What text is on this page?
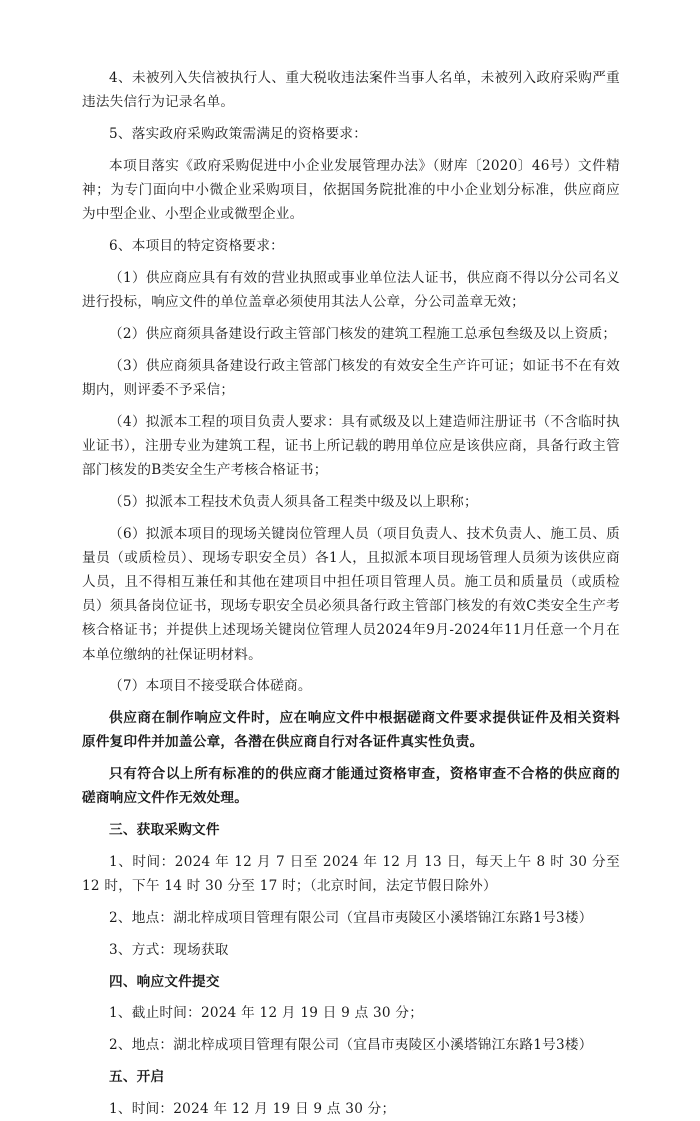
4、未被列入失信被执行人、重大税收违法案件当事人名单，未被列入政府采购严重违法失信行为记录名单。

5、落实政府采购政策需满足的资格要求：

本项目落实《政府采购促进中小企业发展管理办法》（财库〔2020〕46号）文件精神；为专门面向中小微企业采购项目，依据国务院批准的中小企业划分标准，供应商应为中型企业、小型企业或微型企业。

6、本项目的特定资格要求：

（1）供应商应具有有效的营业执照或事业单位法人证书，供应商不得以分公司名义进行投标，响应文件的单位盖章必须使用其法人公章，分公司盖章无效；

（2）供应商须具备建设行政主管部门核发的建筑工程施工总承包叁级及以上资质；

（3）供应商须具备建设行政主管部门核发的有效安全生产许可证；如证书不在有效期内，则评委不予采信；

（4）拟派本工程的项目负责人要求：具有贰级及以上建造师注册证书（不含临时执业证书），注册专业为建筑工程，证书上所记载的聘用单位应是该供应商，具备行政主管部门核发的B类安全生产考核合格证书；

（5）拟派本工程技术负责人须具备工程类中级及以上职称；

（6）拟派本项目的现场关键岗位管理人员（项目负责人、技术负责人、施工员、质量员（或质检员）、现场专职安全员）各1人，且拟派本项目现场管理人员须为该供应商人员，且不得相互兼任和其他在建项目中担任项目管理人员。施工员和质量员（或质检员）须具备岗位证书，现场专职安全员必须具备行政主管部门核发的有效C类安全生产考核合格证书；并提供上述现场关键岗位管理人员2024年9月-2024年11月任意一个月在本单位缴纳的社保证明材料。

（7）本项目不接受联合体磋商。

供应商在制作响应文件时，应在响应文件中根据磋商文件要求提供证件及相关资料原件复印件并加盖公章，各潜在供应商自行对各证件真实性负责。

只有符合以上所有标准的的供应商才能通过资格审查，资格审查不合格的供应商的磋商响应文件作无效处理。

三、获取采购文件

1、时间：2024 年 12 月 7 日至 2024 年 12 月 13 日，每天上午 8 时 30 分至 12 时，下午 14 时 30 分至 17 时；（北京时间，法定节假日除外）

2、地点：湖北梓成项目管理有限公司（宜昌市夷陵区小溪塔锦江东路1号3楼）

3、方式：现场获取

四、响应文件提交

1、截止时间：2024 年 12 月 19 日 9 点 30 分；

2、地点：湖北梓成项目管理有限公司（宜昌市夷陵区小溪塔锦江东路1号3楼）

五、开启

1、时间：2024 年 12 月 19 日 9 点 30 分；
